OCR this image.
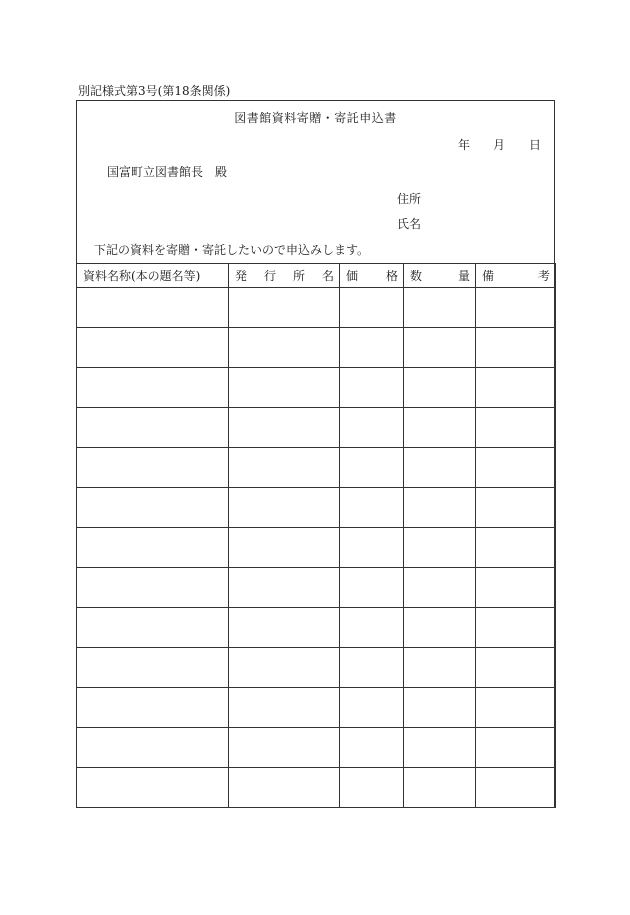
別記様式第3号(第18条関係)
図書館資料寄贈・寄託申込書
年 月 日
国富町立図書館長　殿
住所
氏名
下記の資料を寄贈・寄託したいので申込みします。
資料名称(本の題名等)	発 行 所 名	価 格	数 量	備 考
